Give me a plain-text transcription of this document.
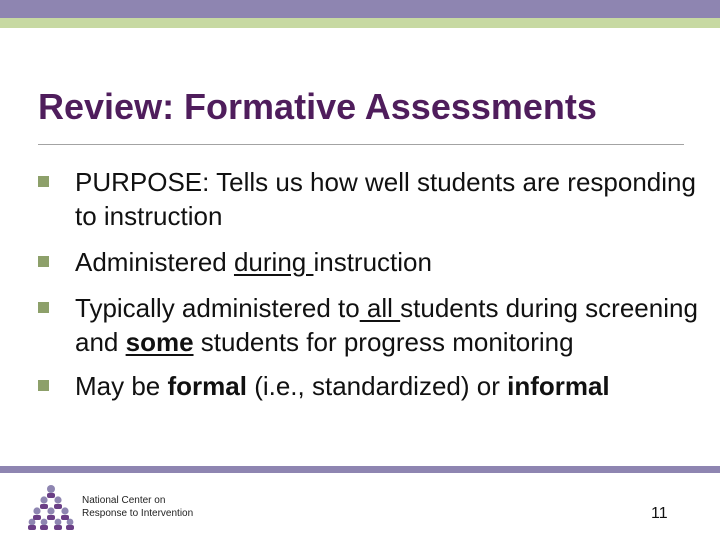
Review: Formative Assessments
PURPOSE: Tells us how well students are responding to instruction
Administered during instruction
Typically administered to all students during screening and some students for progress monitoring
May be formal (i.e., standardized) or informal
National Center on
Response to Intervention	11
